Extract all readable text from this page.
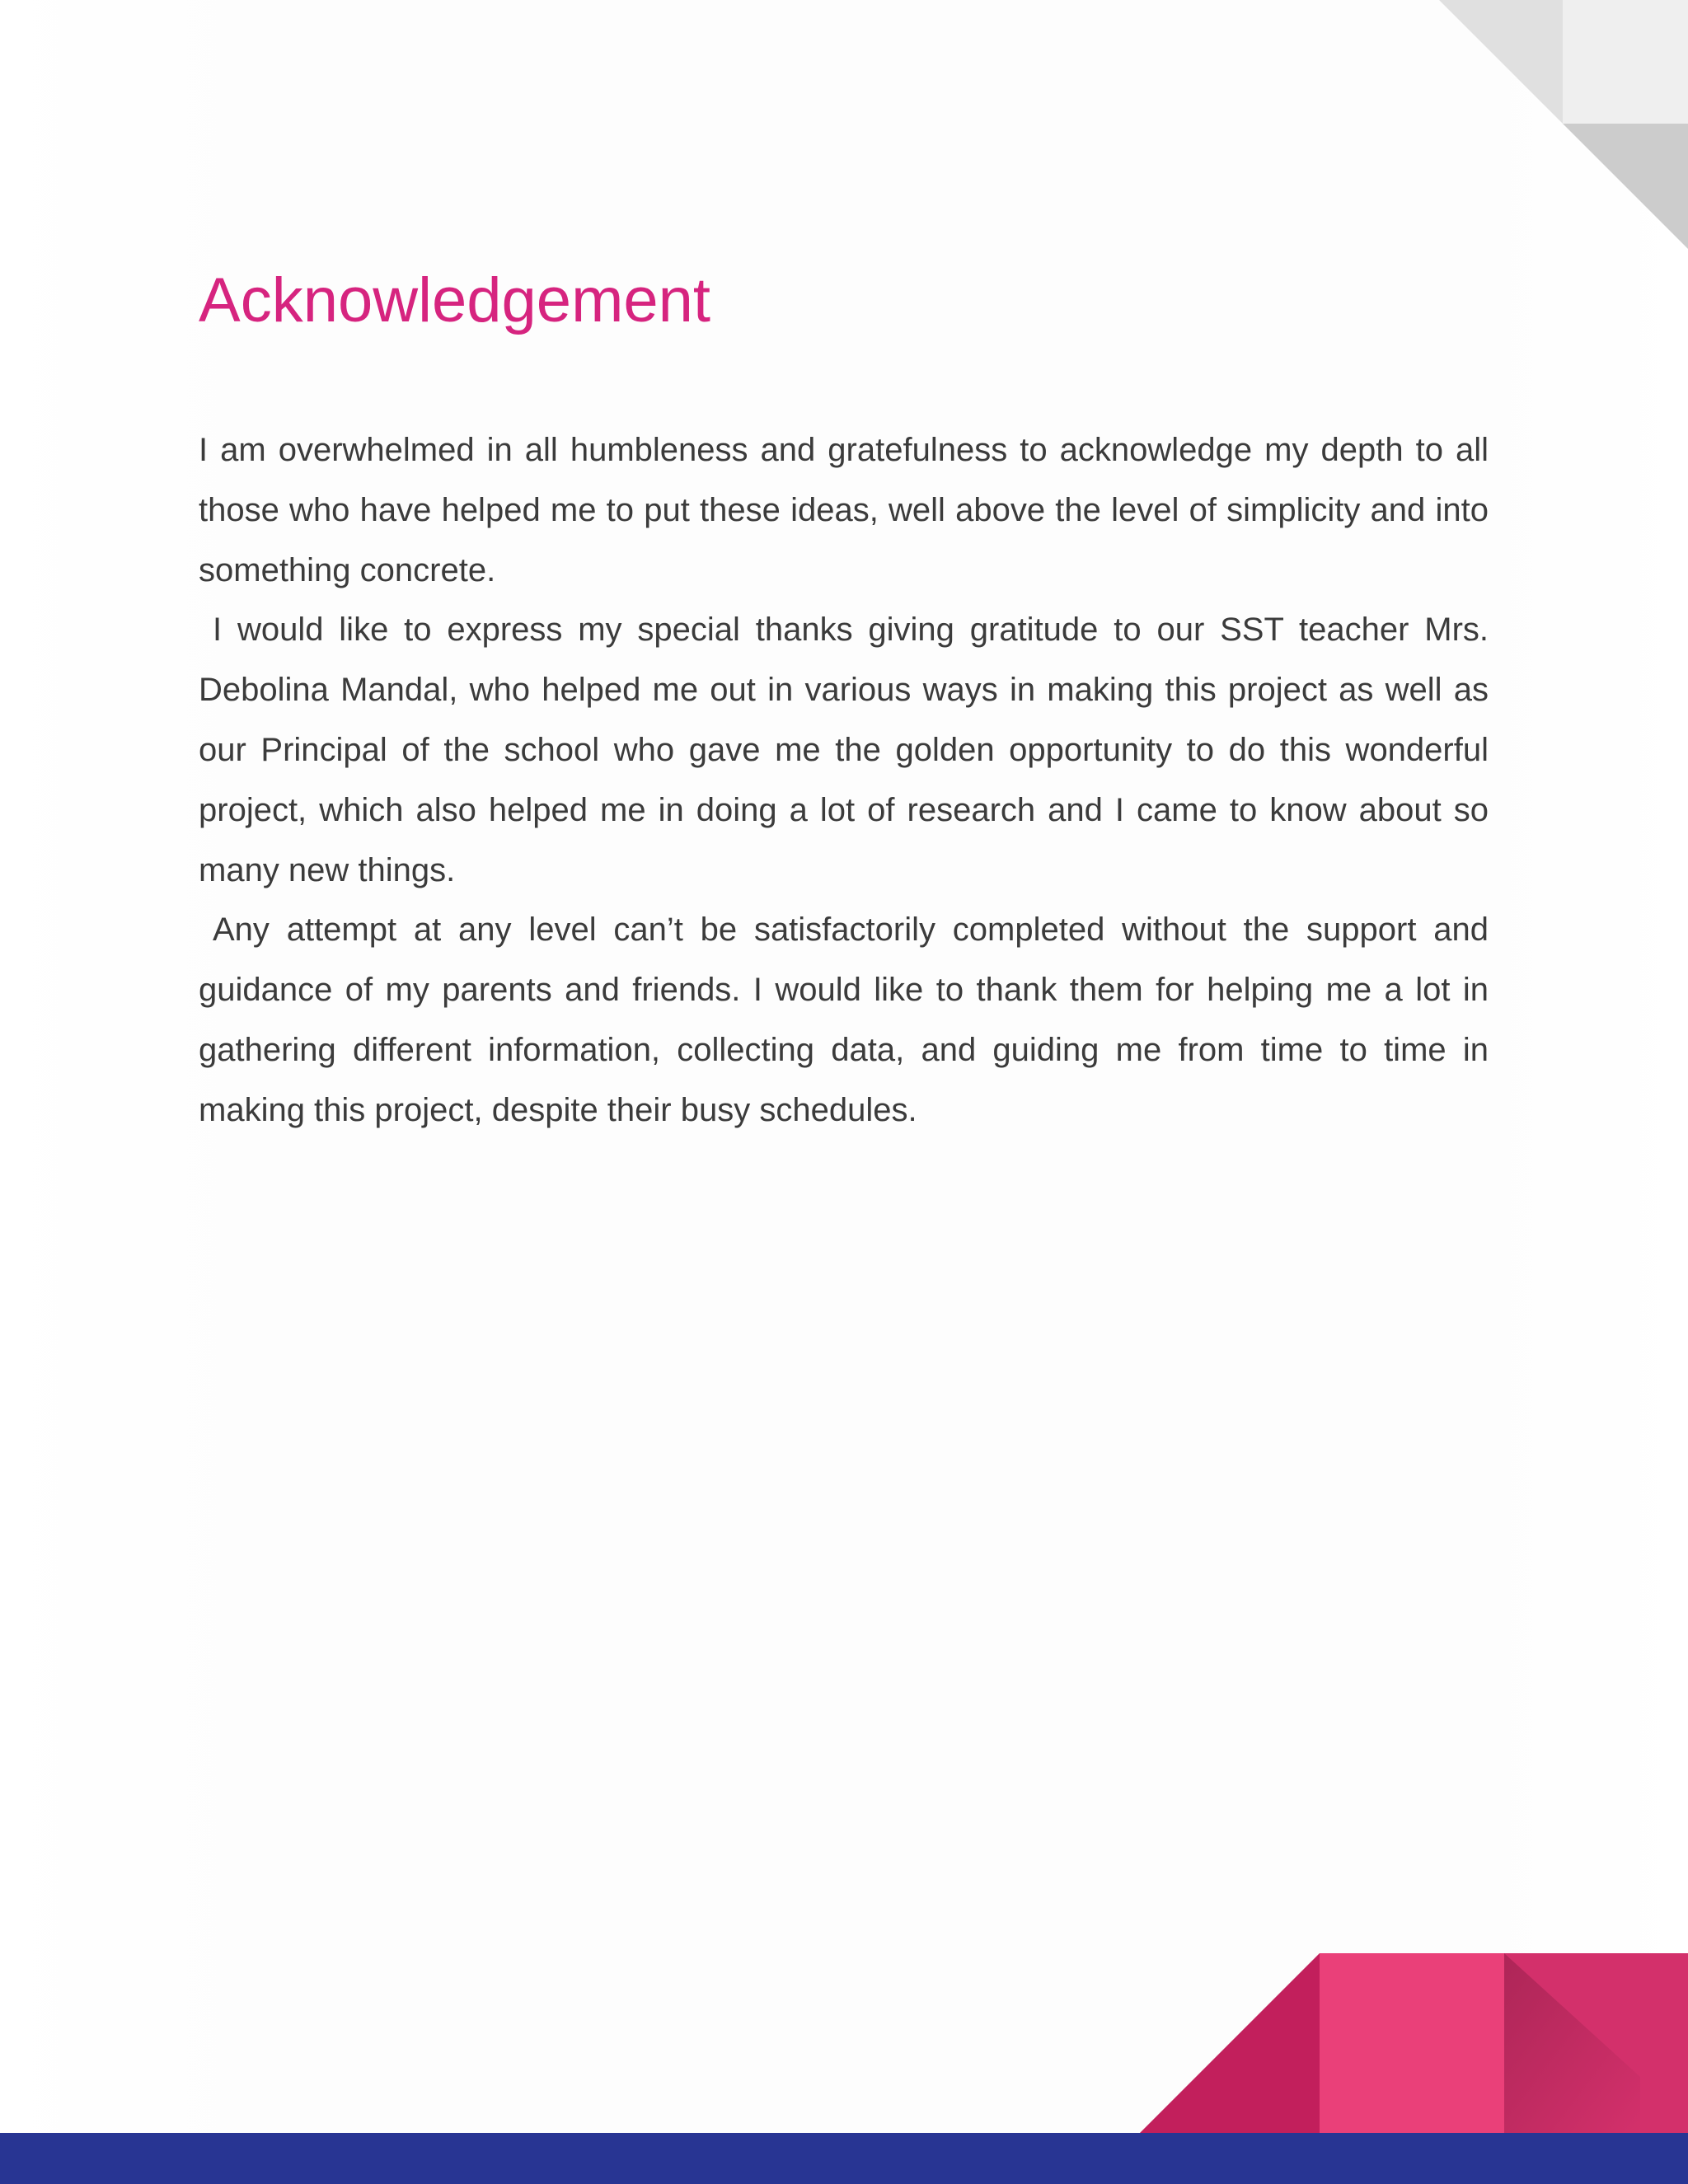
Acknowledgement

I am overwhelmed in all humbleness and gratefulness to acknowledge my depth to all those who have helped me to put these ideas, well above the level of simplicity and into something concrete.

I would like to express my special thanks giving gratitude to our SST teacher Mrs. Debolina Mandal, who helped me out in various ways in making this project as well as our Principal of the school who gave me the golden opportunity to do this wonderful project, which also helped me in doing a lot of research and I came to know about so many new things.

Any attempt at any level can’t be satisfactorily completed without the support and guidance of my parents and friends. I would like to thank them for helping me a lot in gathering different information, collecting data, and guiding me from time to time in making this project, despite their busy schedules.
